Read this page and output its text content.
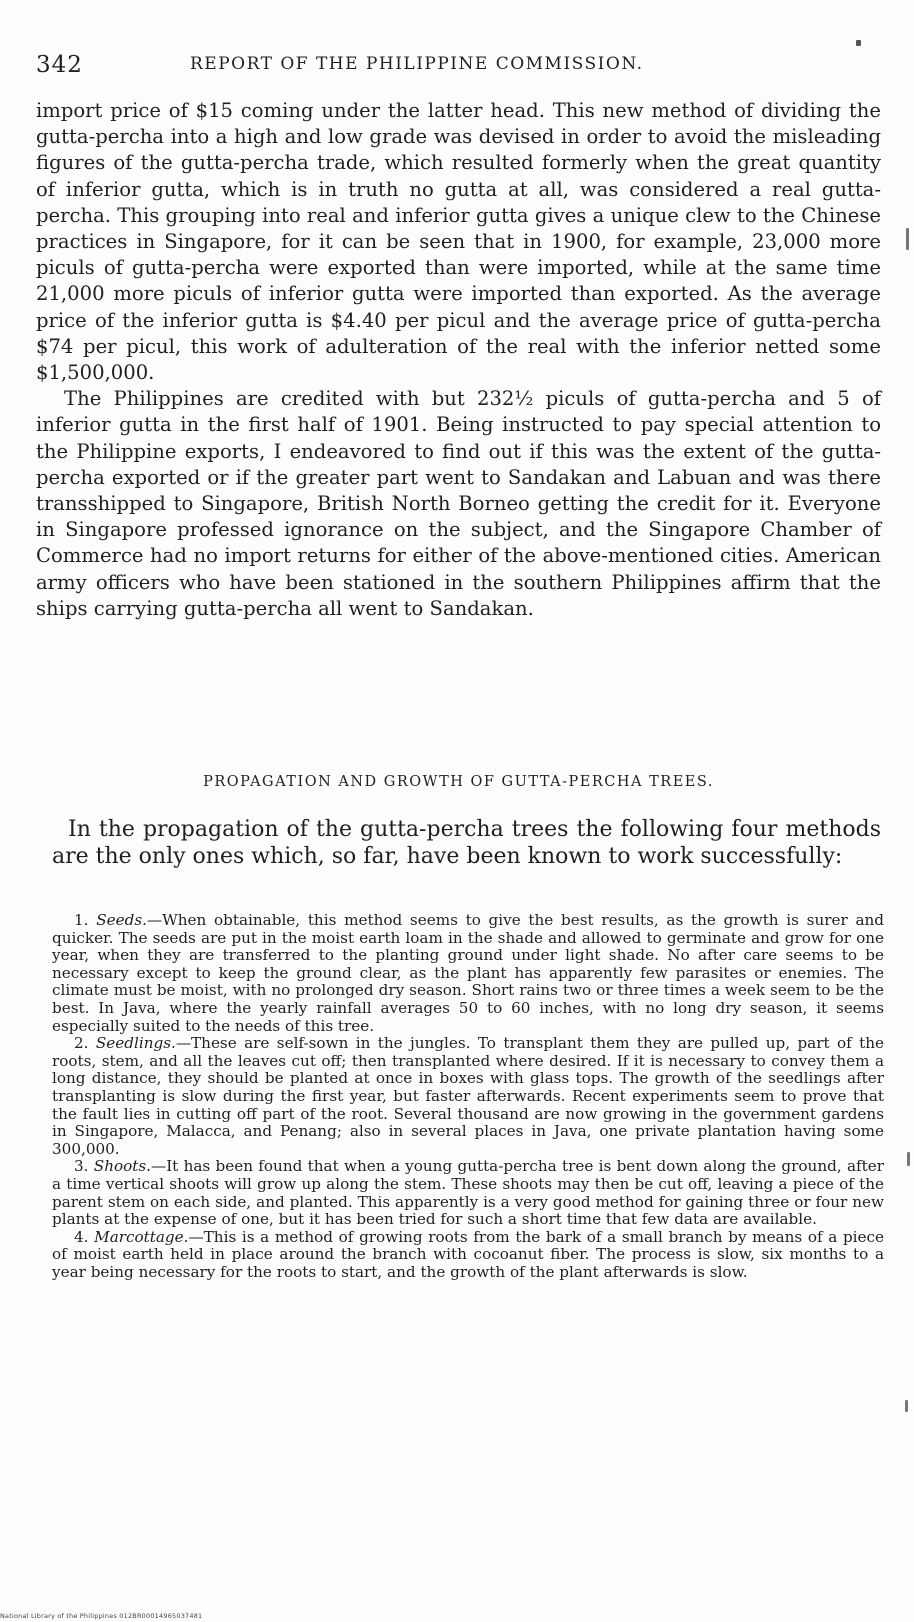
342	REPORT OF THE PHILIPPINE COMMISSION.

import price of $15 coming under the latter head. This new method of dividing the gutta-percha into a high and low grade was devised in order to avoid the misleading figures of the gutta-percha trade, which resulted formerly when the great quantity of inferior gutta, which is in truth no gutta at all, was considered a real gutta-percha. This grouping into real and inferior gutta gives a unique clew to the Chinese practices in Singapore, for it can be seen that in 1900, for example, 23,000 more piculs of gutta-percha were exported than were imported, while at the same time 21,000 more piculs of inferior gutta were imported than exported. As the average price of the inferior gutta is $4.40 per picul and the average price of gutta-percha $74 per picul, this work of adulteration of the real with the inferior netted some $1,500,000.

The Philippines are credited with but 232½ piculs of gutta-percha and 5 of inferior gutta in the first half of 1901. Being instructed to pay special attention to the Philippine exports, I endeavored to find out if this was the extent of the gutta-percha exported or if the greater part went to Sandakan and Labuan and was there transshipped to Singapore, British North Borneo getting the credit for it. Everyone in Singapore professed ignorance on the subject, and the Singapore Chamber of Commerce had no import returns for either of the above-mentioned cities. American army officers who have been stationed in the southern Philippines affirm that the ships carrying gutta-percha all went to Sandakan.

PROPAGATION AND GROWTH OF GUTTA-PERCHA TREES.

In the propagation of the gutta-percha trees the following four methods are the only ones which, so far, have been known to work successfully:

1. Seeds.—When obtainable, this method seems to give the best results, as the growth is surer and quicker. The seeds are put in the moist earth loam in the shade and allowed to germinate and grow for one year, when they are transferred to the planting ground under light shade. No after care seems to be necessary except to keep the ground clear, as the plant has apparently few parasites or enemies. The climate must be moist, with no prolonged dry season. Short rains two or three times a week seem to be the best. In Java, where the yearly rainfall averages 50 to 60 inches, with no long dry season, it seems especially suited to the needs of this tree.

2. Seedlings.—These are self-sown in the jungles. To transplant them they are pulled up, part of the roots, stem, and all the leaves cut off; then transplanted where desired. If it is necessary to convey them a long distance, they should be planted at once in boxes with glass tops. The growth of the seedlings after transplanting is slow during the first year, but faster afterwards. Recent experiments seem to prove that the fault lies in cutting off part of the root. Several thousand are now growing in the government gardens in Singapore, Malacca, and Penang; also in several places in Java, one private plantation having some 300,000.

3. Shoots.—It has been found that when a young gutta-percha tree is bent down along the ground, after a time vertical shoots will grow up along the stem. These shoots may then be cut off, leaving a piece of the parent stem on each side, and planted. This apparently is a very good method for gaining three or four new plants at the expense of one, but it has been tried for such a short time that few data are available.

4. Marcottage.—This is a method of growing roots from the bark of a small branch by means of a piece of moist earth held in place around the branch with cocoanut fiber. The process is slow, six months to a year being necessary for the roots to start, and the growth of the plant afterwards is slow.

National Library of the Philippines 012BR00014965037481
